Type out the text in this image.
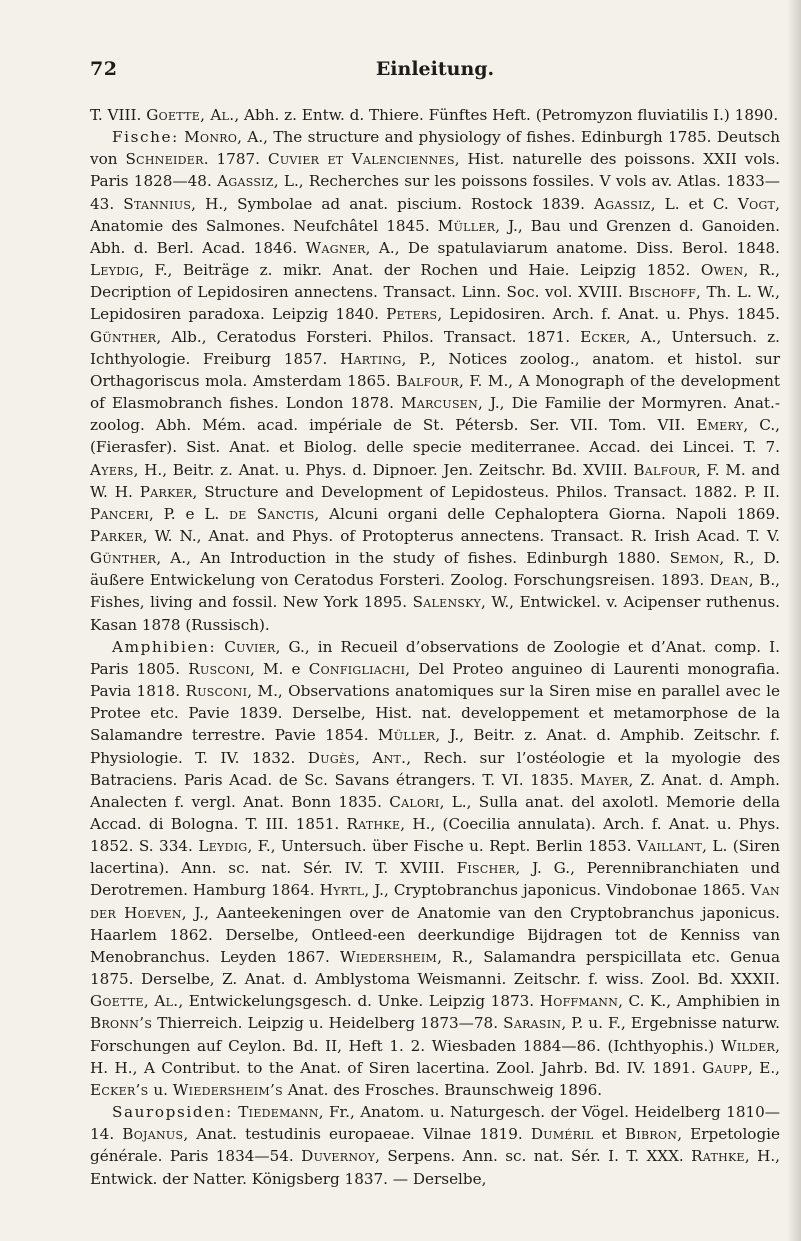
72	Einleitung.

T. VIII. Goette, Al., Abh. z. Entw. d. Thiere. Fünftes Heft. (Petromyzon fluviatilis I.) 1890.

Fische: Monro, A., The structure and physiology of fishes. Edinburgh 1785. Deutsch von Schneider. 1787. Cuvier et Valenciennes, Hist. naturelle des poissons. XXII vols. Paris 1828—48. Agassiz, L., Recherches sur les poissons fossiles. V vols av. Atlas. 1833—43. Stannius, H., Symbolae ad anat. piscium. Rostock 1839. Agassiz, L. et C. Vogt, Anatomie des Salmones. Neufchâtel 1845. Müller, J., Bau und Grenzen d. Ganoiden. Abh. d. Berl. Acad. 1846. Wagner, A., De spatulaviarum anatome. Diss. Berol. 1848. Leydig, F., Beiträge z. mikr. Anat. der Rochen und Haie. Leipzig 1852. Owen, R., Decription of Lepidosiren annectens. Transact. Linn. Soc. vol. XVIII. Bischoff, Th. L. W., Lepidosiren paradoxa. Leipzig 1840. Peters, Lepidosiren. Arch. f. Anat. u. Phys. 1845. Günther, Alb., Ceratodus Forsteri. Philos. Transact. 1871. Ecker, A., Untersuch. z. Ichthyologie. Freiburg 1857. Harting, P., Notices zoolog., anatom. et histol. sur Orthagoriscus mola. Amsterdam 1865. Balfour, F. M., A Monograph of the development of Elasmobranch fishes. London 1878. Marcusen, J., Die Familie der Mormyren. Anat.-zoolog. Abh. Mém. acad. impériale de St. Pétersb. Ser. VII. Tom. VII. Emery, C., (Fierasfer). Sist. Anat. et Biolog. delle specie mediterranee. Accad. dei Lincei. T. 7. Ayers, H., Beitr. z. Anat. u. Phys. d. Dipnoer. Jen. Zeitschr. Bd. XVIII. Balfour, F. M. and W. H. Parker, Structure and Development of Lepidosteus. Philos. Transact. 1882. P. II. Panceri, P. e L. de Sanctis, Alcuni organi delle Cephaloptera Giorna. Napoli 1869. Parker, W. N., Anat. and Phys. of Protopterus annectens. Transact. R. Irish Acad. T. V. Günther, A., An Introduction in the study of fishes. Edinburgh 1880. Semon, R., D. äußere Entwickelung von Ceratodus Forsteri. Zoolog. Forschungsreisen. 1893. Dean, B., Fishes, living and fossil. New York 1895. Salensky, W., Entwickel. v. Acipenser ruthenus. Kasan 1878 (Russisch).

Amphibien: Cuvier, G., in Recueil d’observations de Zoologie et d’Anat. comp. I. Paris 1805. Rusconi, M. e Configliachi, Del Proteo anguineo di Laurenti monografia. Pavia 1818. Rusconi, M., Observations anatomiques sur la Siren mise en parallel avec le Protee etc. Pavie 1839. Derselbe, Hist. nat. developpement et metamorphose de la Salamandre terrestre. Pavie 1854. Müller, J., Beitr. z. Anat. d. Amphib. Zeitschr. f. Physiologie. T. IV. 1832. Dugès, Ant., Rech. sur l’ostéologie et la myologie des Batraciens. Paris Acad. de Sc. Savans étrangers. T. VI. 1835. Mayer, Z. Anat. d. Amph. Analecten f. vergl. Anat. Bonn 1835. Calori, L., Sulla anat. del axolotl. Memorie della Accad. di Bologna. T. III. 1851. Rathke, H., (Coecilia annulata). Arch. f. Anat. u. Phys. 1852. S. 334. Leydig, F., Untersuch. über Fische u. Rept. Berlin 1853. Vaillant, L. (Siren lacertina). Ann. sc. nat. Sér. IV. T. XVIII. Fischer, J. G., Perennibranchiaten und Derotremen. Hamburg 1864. Hyrtl, J., Cryptobranchus japonicus. Vindobonae 1865. Van der Hoeven, J., Aanteekeningen over de Anatomie van den Cryptobranchus japonicus. Haarlem 1862. Derselbe, Ontleed-een deerkundige Bijdragen tot de Kenniss van Menobranchus. Leyden 1867. Wiedersheim, R., Salamandra perspicillata etc. Genua 1875. Derselbe, Z. Anat. d. Amblystoma Weismanni. Zeitschr. f. wiss. Zool. Bd. XXXII. Goette, Al., Entwickelungsgesch. d. Unke. Leipzig 1873. Hoffmann, C. K., Amphibien in Bronn’s Thierreich. Leipzig u. Heidelberg 1873—78. Sarasin, P. u. F., Ergebnisse naturw. Forschungen auf Ceylon. Bd. II, Heft 1. 2. Wiesbaden 1884—86. (Ichthyophis.) Wilder, H. H., A Contribut. to the Anat. of Siren lacertina. Zool. Jahrb. Bd. IV. 1891. Gaupp, E., Ecker’s u. Wiedersheim’s Anat. des Frosches. Braunschweig 1896.

Sauropsiden: Tiedemann, Fr., Anatom. u. Naturgesch. der Vögel. Heidelberg 1810—14. Bojanus, Anat. testudinis europaeae. Vilnae 1819. Duméril et Bibron, Erpetologie générale. Paris 1834—54. Duvernoy, Serpens. Ann. sc. nat. Sér. I. T. XXX. Rathke, H., Entwick. der Natter. Königsberg 1837. — Derselbe,
